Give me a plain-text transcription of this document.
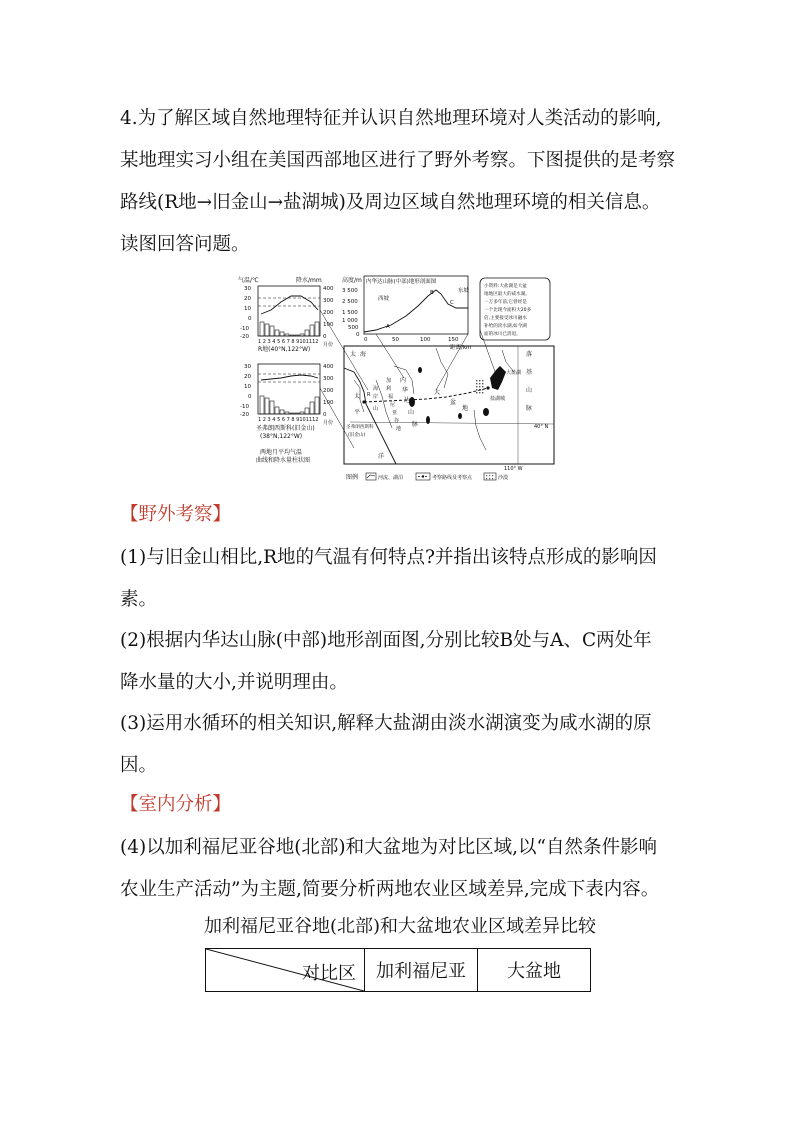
4.为了解区域自然地理特征并认识自然地理环境对人类活动的影响,
某地理实习小组在美国西部地区进行了野外考察。下图提供的是考察
路线(R地→旧金山→盐湖城)及周边区域自然地理环境的相关信息。
读图回答问题。
气温/℃	降水/mm
30
20
10
0
-10
-20
400
300
200
100
0
1 2 3 4 5 6 7 8 9101112 月份
R地(40°N,122°W)
30
20
10
0
-10
-20
400
300
200
100
0
1 2 3 4 5 6 7 8 9101112 月份
圣弗朗西斯科(旧金山)
(38°N,122°W)
两地月平均气温
曲线和降水量柱状图
高度/m 内华达山脉(中部)地形剖面图
3 500
2 500
1 500
1 000
500
0
西坡
东坡
A
B
C
0	50	100	150
距离/km
小资料:大盐湖是大盆
地地区最大的咸水湖。
一万多年前,它曾经是
一个比现今面积大20多
倍,主要接受冰川融水
补给的淡水湖,如今湖
面的冰川已消退。
太 海
太
平
洋
R
海
岸
山
加
利
福
尼
亚
谷
地
内
华
达
山
脉
大
盆
地
落
基
山
脉
大盐湖
盐湖城
圣弗朗西斯科
(旧金山)
40° N
110° W
图例	河流、湖泊	考察路线及考察点	沙漠

【野外考察】

(1)与旧金山相比,R地的气温有何特点?并指出该特点形成的影响因
素。
(2)根据内华达山脉(中部)地形剖面图,分别比较B处与A、C两处年
降水量的大小,并说明理由。
(3)运用水循环的相关知识,解释大盐湖由淡水湖演变为咸水湖的原
因。

【室内分析】

(4)以加利福尼亚谷地(北部)和大盆地为对比区域,以“自然条件影响
农业生产活动”为主题,简要分析两地农业区域差异,完成下表内容。
加利福尼亚谷地(北部)和大盆地农业区域差异比较
对比区	加利福尼亚	大盆地
